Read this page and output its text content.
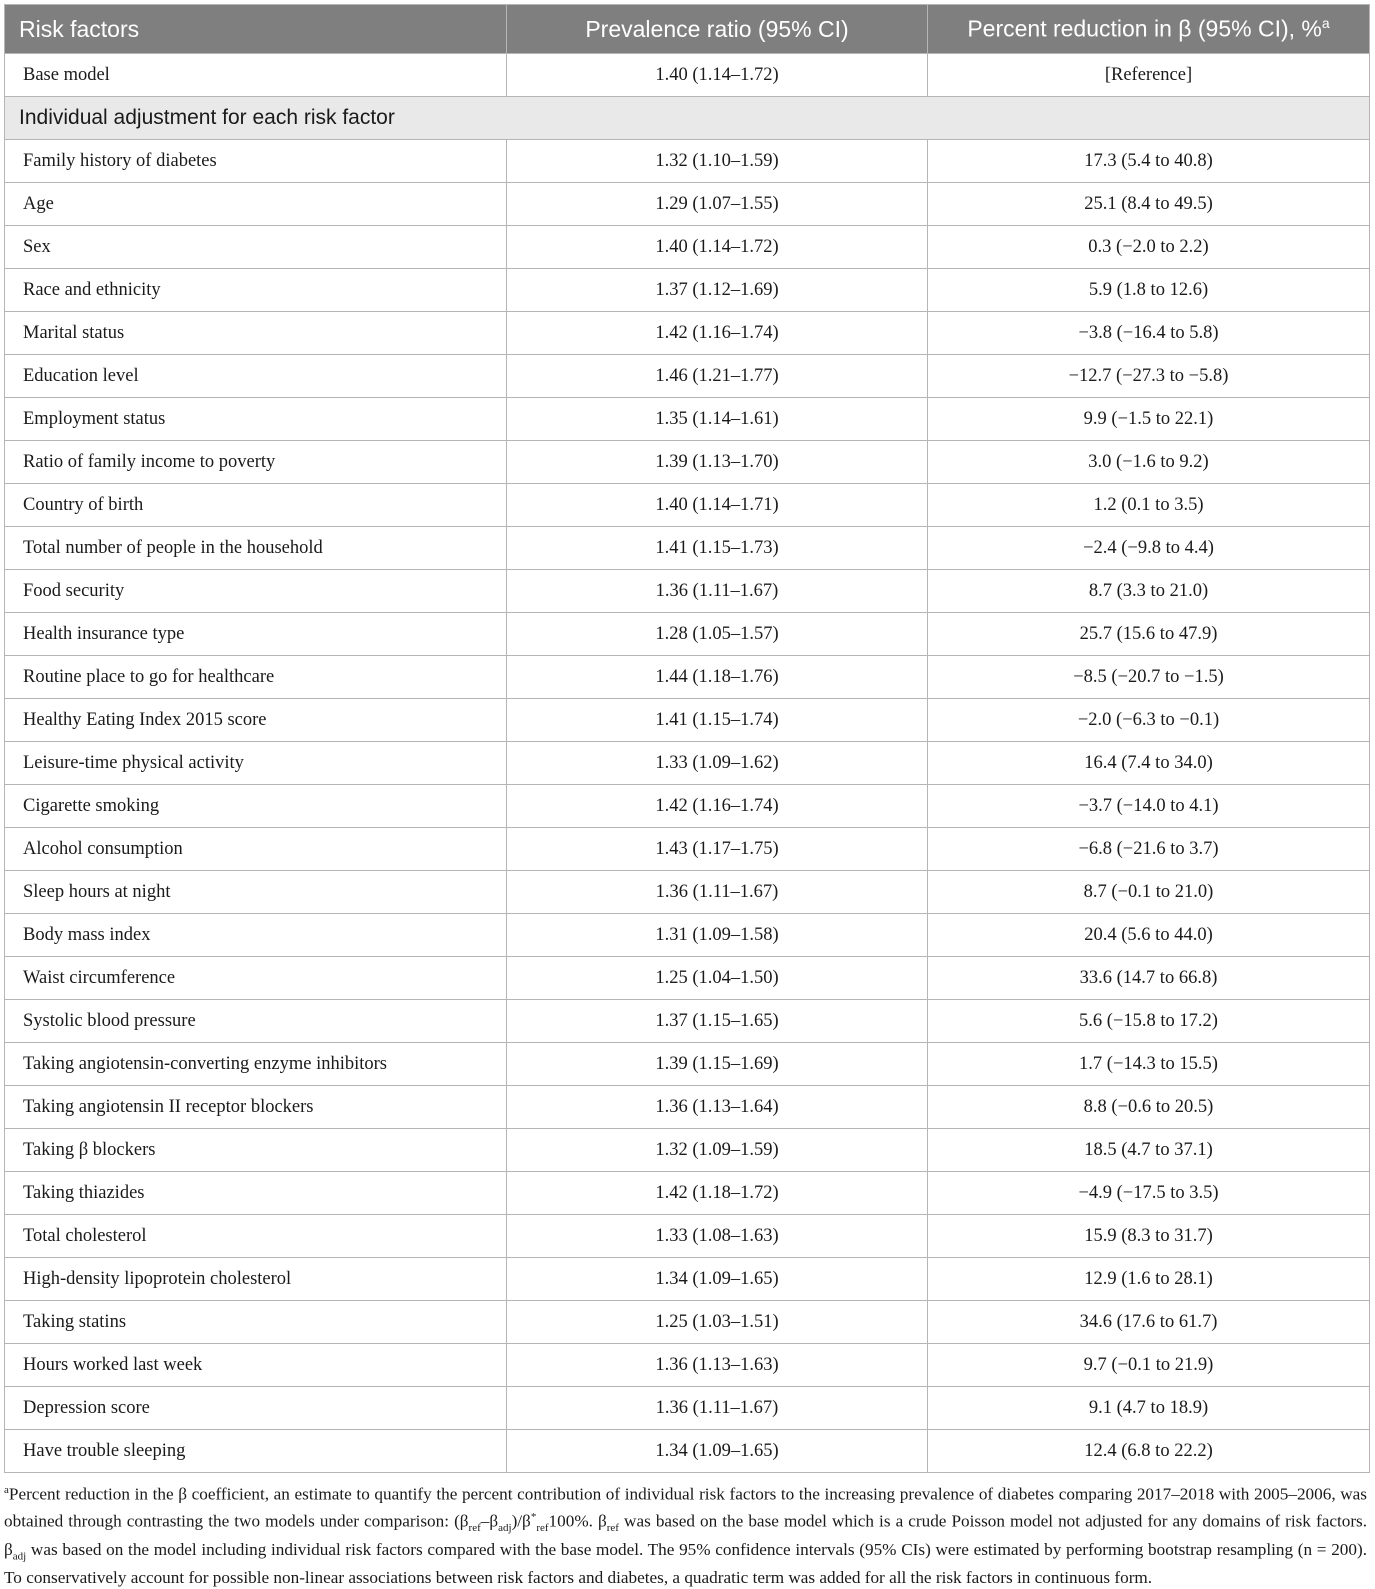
Risk factors	Prevalence ratio (95% CI)	Percent reduction in β (95% CI), %$^a$
Base model	1.40 (1.14–1.72)	[Reference]
Individual adjustment for each risk factor		
Family history of diabetes	1.32 (1.10–1.59)	17.3 (5.4 to 40.8)
Age	1.29 (1.07–1.55)	25.1 (8.4 to 49.5)
Sex	1.40 (1.14–1.72)	0.3 (−2.0 to 2.2)
Race and ethnicity	1.37 (1.12–1.69)	5.9 (1.8 to 12.6)
Marital status	1.42 (1.16–1.74)	−3.8 (−16.4 to 5.8)
Education level	1.46 (1.21–1.77)	−12.7 (−27.3 to −5.8)
Employment status	1.35 (1.14–1.61)	9.9 (−1.5 to 22.1)
Ratio of family income to poverty	1.39 (1.13–1.70)	3.0 (−1.6 to 9.2)
Country of birth	1.40 (1.14–1.71)	1.2 (0.1 to 3.5)
Total number of people in the household	1.41 (1.15–1.73)	−2.4 (−9.8 to 4.4)
Food security	1.36 (1.11–1.67)	8.7 (3.3 to 21.0)
Health insurance type	1.28 (1.05–1.57)	25.7 (15.6 to 47.9)
Routine place to go for healthcare	1.44 (1.18–1.76)	−8.5 (−20.7 to −1.5)
Healthy Eating Index 2015 score	1.41 (1.15–1.74)	−2.0 (−6.3 to −0.1)
Leisure-time physical activity	1.33 (1.09–1.62)	16.4 (7.4 to 34.0)
Cigarette smoking	1.42 (1.16–1.74)	−3.7 (−14.0 to 4.1)
Alcohol consumption	1.43 (1.17–1.75)	−6.8 (−21.6 to 3.7)
Sleep hours at night	1.36 (1.11–1.67)	8.7 (−0.1 to 21.0)
Body mass index	1.31 (1.09–1.58)	20.4 (5.6 to 44.0)
Waist circumference	1.25 (1.04–1.50)	33.6 (14.7 to 66.8)
Systolic blood pressure	1.37 (1.15–1.65)	5.6 (−15.8 to 17.2)
Taking angiotensin-converting enzyme inhibitors	1.39 (1.15–1.69)	1.7 (−14.3 to 15.5)
Taking angiotensin II receptor blockers	1.36 (1.13–1.64)	8.8 (−0.6 to 20.5)
Taking β blockers	1.32 (1.09–1.59)	18.5 (4.7 to 37.1)
Taking thiazides	1.42 (1.18–1.72)	−4.9 (−17.5 to 3.5)
Total cholesterol	1.33 (1.08–1.63)	15.9 (8.3 to 31.7)
High-density lipoprotein cholesterol	1.34 (1.09–1.65)	12.9 (1.6 to 28.1)
Taking statins	1.25 (1.03–1.51)	34.6 (17.6 to 61.7)
Hours worked last week	1.36 (1.13–1.63)	9.7 (−0.1 to 21.9)
Depression score	1.36 (1.11–1.67)	9.1 (4.7 to 18.9)
Have trouble sleeping	1.34 (1.09–1.65)	12.4 (6.8 to 22.2)
$^a$Percent reduction in the β coefficient, an estimate to quantify the percent contribution of individual risk factors to the increasing prevalence of diabetes comparing 2017–2018 with 2005–2006, was obtained through contrasting the two models under comparison: $(\beta_{ref}-\beta_{adj})/\beta^*_{ref}100\%$. $\beta_{ref}$ was based on the base model which is a crude Poisson model not adjusted for any domains of risk factors. $\beta_{adj}$ was based on the model including individual risk factors compared with the base model. The 95% confidence intervals (95% CIs) were estimated by performing bootstrap resampling (n = 200). To conservatively account for possible non-linear associations between risk factors and diabetes, a quadratic term was added for all the risk factors in continuous form.
